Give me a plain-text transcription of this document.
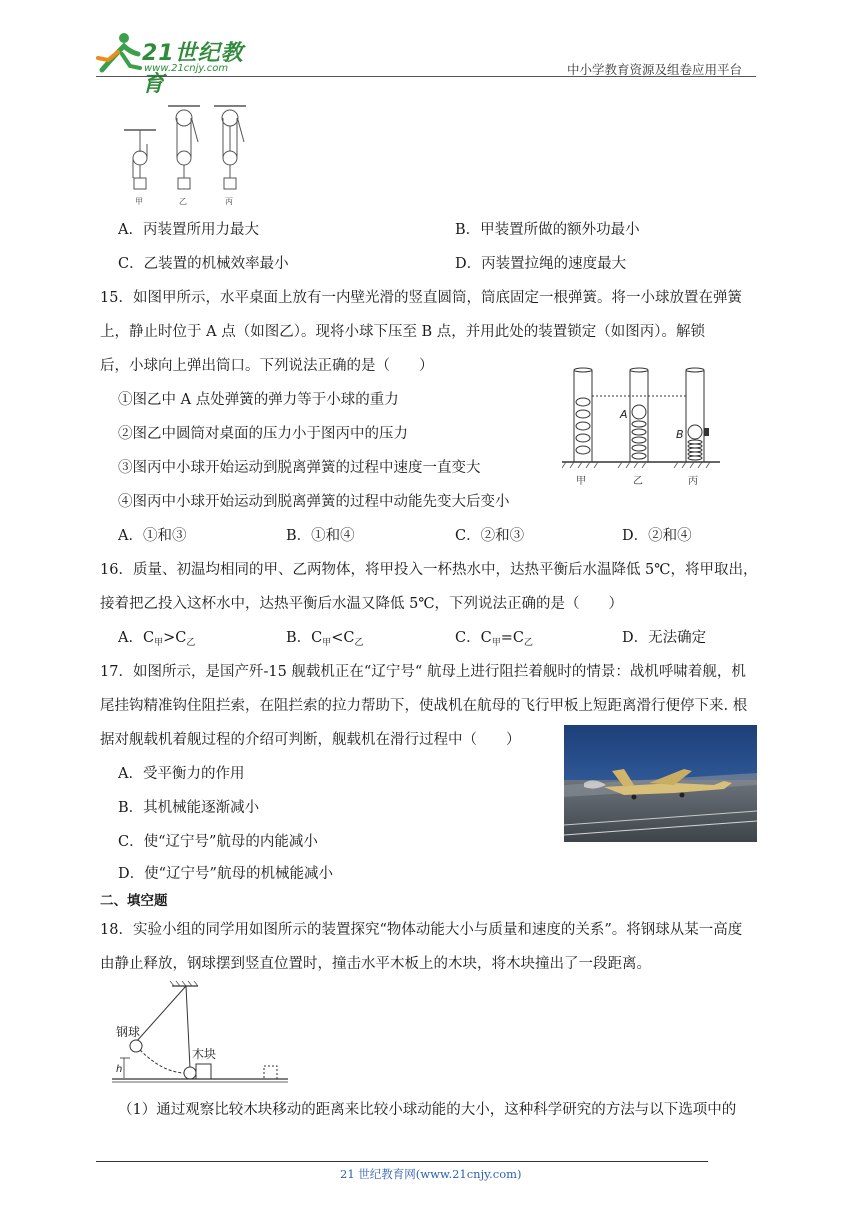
21世纪教育
www.21cnjy.com	中小学教育资源及组卷应用平台
甲	乙	丙
A．丙装置所用力最大	B．甲装置所做的额外功最小
C．乙装置的机械效率最小	D．丙装置拉绳的速度最大
15．如图甲所示，水平桌面上放有一内壁光滑的竖直圆筒，筒底固定一根弹簧。将一小球放置在弹簧
上，静止时位于 A 点（如图乙）。现将小球下压至 B 点，并用此处的装置锁定（如图丙）。解锁
后，小球向上弹出筒口。下列说法正确的是（　　）
①图乙中 A 点处弹簧的弹力等于小球的重力
②图乙中圆筒对桌面的压力小于图丙中的压力
③图丙中小球开始运动到脱离弹簧的过程中速度一直变大
④图丙中小球开始运动到脱离弹簧的过程中动能先变大后变小
A．①和③	B．①和④	C．②和③	D．②和④
A
B
甲	乙	丙
16．质量、初温均相同的甲、乙两物体，将甲投入一杯热水中，达热平衡后水温降低 5℃，将甲取出，
接着把乙投入这杯水中，达热平衡后水温又降低 5℃，下列说法正确的是（　　）
A．$C_甲>C_乙$	B．$C_甲<C_乙$	C．$C_甲=C_乙$	D．无法确定
17．如图所示，是国产歼-15 舰载机正在“辽宁号“ 航母上进行阻拦着舰时的情景：战机呼啸着舰，机
尾挂钩精准钩住阻拦索，在阻拦索的拉力帮助下，使战机在航母的飞行甲板上短距离滑行便停下来. 根
据对舰载机着舰过程的介绍可判断，舰载机在滑行过程中（　　）
A．受平衡力的作用
B．其机械能逐渐减小
C．使“辽宁号”航母的内能减小
D．使“辽宁号”航母的机械能减小
二、填空题
18．实验小组的同学用如图所示的装置探究“物体动能大小与质量和速度的关系”。将钢球从某一高度
由静止释放，钢球摆到竖直位置时，撞击水平木板上的木块，将木块撞出了一段距离。
h
钢球
木块
（1）通过观察比较木块移动的距离来比较小球动能的大小，这种科学研究的方法与以下选项中的
21 世纪教育网(www.21cnjy.com)
